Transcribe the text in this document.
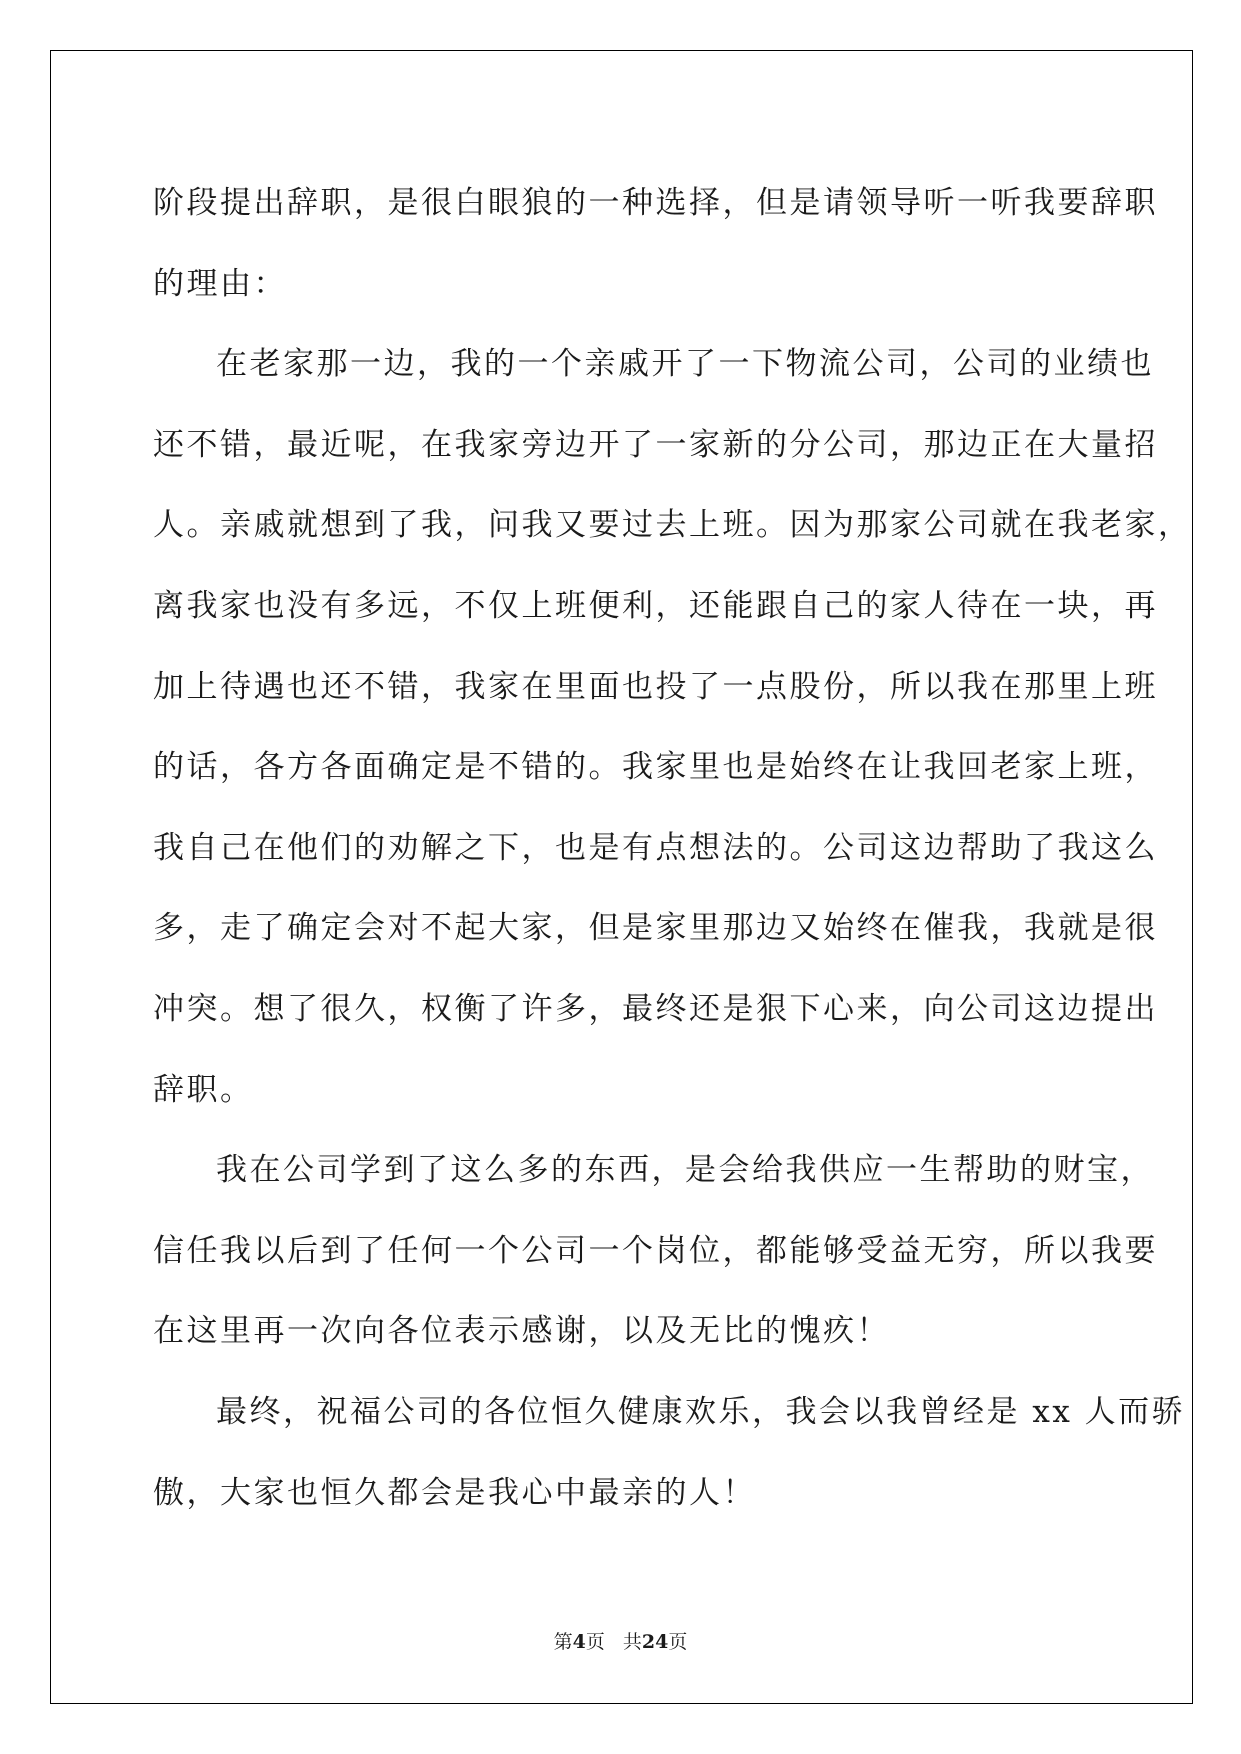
阶段提出辞职，是很白眼狼的一种选择，但是请领导听一听我要辞职
的理由：
在老家那一边，我的一个亲戚开了一下物流公司，公司的业绩也
还不错，最近呢，在我家旁边开了一家新的分公司，那边正在大量招
人。亲戚就想到了我，问我又要过去上班。因为那家公司就在我老家，
离我家也没有多远，不仅上班便利，还能跟自己的家人待在一块，再
加上待遇也还不错，我家在里面也投了一点股份，所以我在那里上班
的话，各方各面确定是不错的。我家里也是始终在让我回老家上班，
我自己在他们的劝解之下，也是有点想法的。公司这边帮助了我这么
多，走了确定会对不起大家，但是家里那边又始终在催我，我就是很
冲突。想了很久，权衡了许多，最终还是狠下心来，向公司这边提出
辞职。
我在公司学到了这么多的东西，是会给我供应一生帮助的财宝，
信任我以后到了任何一个公司一个岗位，都能够受益无穷，所以我要
在这里再一次向各位表示感谢，以及无比的愧疚！
最终，祝福公司的各位恒久健康欢乐，我会以我曾经是 xx 人而骄
傲，大家也恒久都会是我心中最亲的人！
第4页 共24页
